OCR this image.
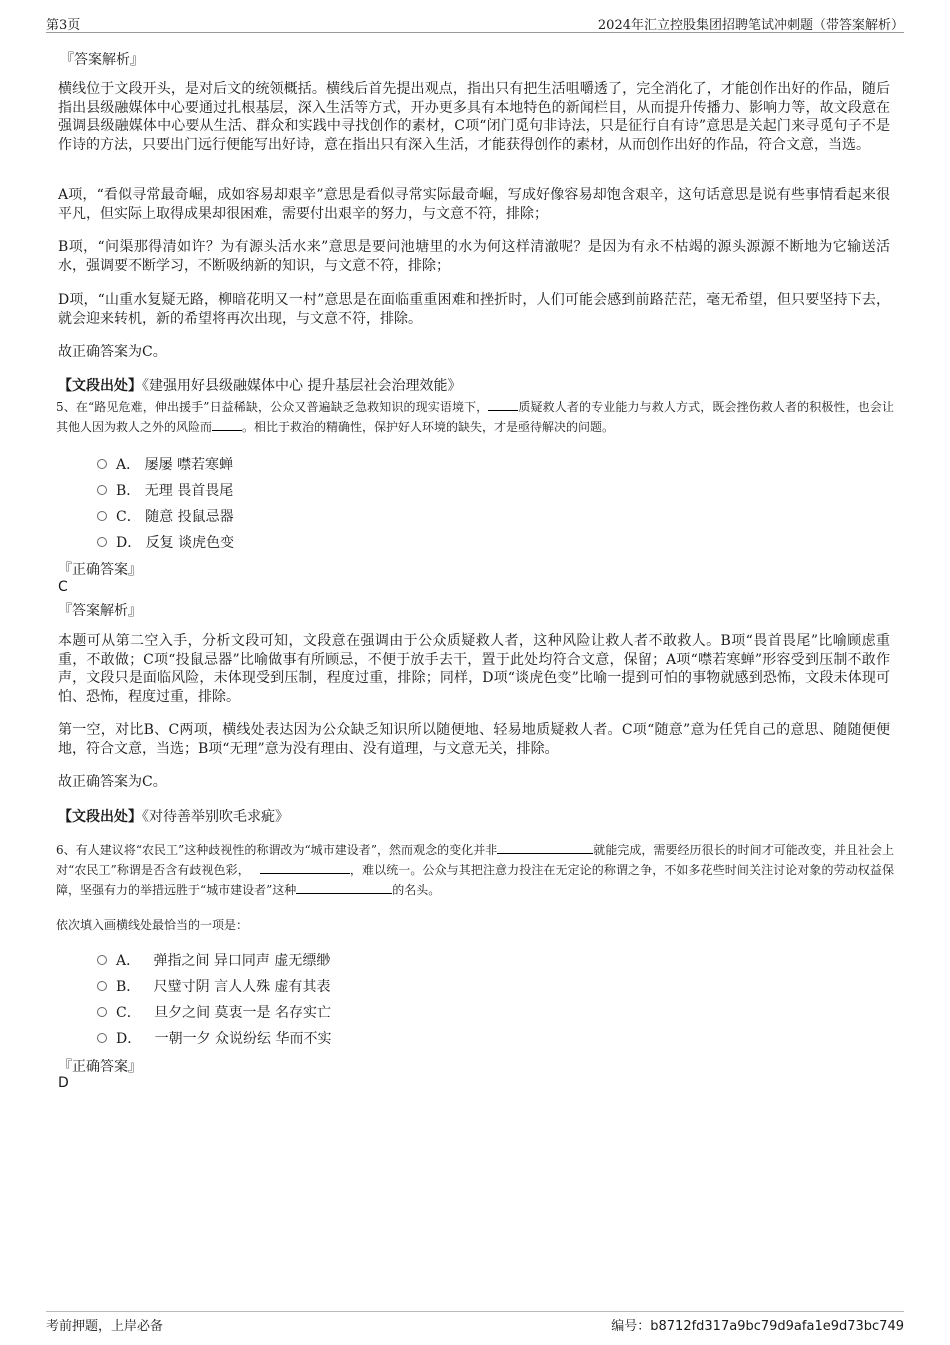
第3页	2024年汇立控股集团招聘笔试冲刺题（带答案解析）
『答案解析』
横线位于文段开头，是对后文的统领概括。横线后首先提出观点，指出只有把生活咀嚼透了，完全消化了，才能创作出好的作品，随后指出县级融媒体中心要通过扎根基层，深入生活等方式，开办更多具有本地特色的新闻栏目，从而提升传播力、影响力等，故文段意在强调县级融媒体中心要从生活、群众和实践中寻找创作的素材，C项“闭门觅句非诗法，只是征行自有诗”意思是关起门来寻觅句子不是作诗的方法，只要出门远行便能写出好诗，意在指出只有深入生活，才能获得创作的素材，从而创作出好的作品，符合文意，当选。
A项，“看似寻常最奇崛，成如容易却艰辛”意思是看似寻常实际最奇崛，写成好像容易却饱含艰辛，这句话意思是说有些事情看起来很平凡，但实际上取得成果却很困难，需要付出艰辛的努力，与文意不符，排除；
B项，“问渠那得清如许？为有源头活水来”意思是要问池塘里的水为何这样清澈呢？是因为有永不枯竭的源头源源不断地为它输送活水，强调要不断学习，不断吸纳新的知识，与文意不符，排除；
D项，“山重水复疑无路，柳暗花明又一村”意思是在面临重重困难和挫折时，人们可能会感到前路茫茫，毫无希望，但只要坚持下去，就会迎来转机，新的希望将再次出现，与文意不符，排除。
故正确答案为C。
【文段出处】《建强用好县级融媒体中心 提升基层社会治理效能》
5、在“路见危难，伸出援手”日益稀缺，公众又普遍缺乏急救知识的现实语境下，	质疑救人者的专业能力与救人方式，既会挫伤救人者的积极性，也会让其他人因为救人之外的风险而	。相比于救治的精确性，保护好人环境的缺失，才是亟待解决的问题。
A． 屡屡 噤若寒蝉
B． 无理 畏首畏尾
C． 随意 投鼠忌器
D． 反复 谈虎色变
『正确答案』
C
『答案解析』
本题可从第二空入手，分析文段可知，文段意在强调由于公众质疑救人者，这种风险让救人者不敢救人。B项“畏首畏尾”比喻顾虑重重，不敢做；C项“投鼠忌器”比喻做事有所顾忌，不便于放手去干，置于此处均符合文意，保留；A项“噤若寒蝉”形容受到压制不敢作声，文段只是面临风险，未体现受到压制，程度过重，排除；同样，D项“谈虎色变”比喻一提到可怕的事物就感到恐怖，文段未体现可怕、恐怖，程度过重，排除。
第一空，对比B、C两项，横线处表达因为公众缺乏知识所以随便地、轻易地质疑救人者。C项“随意”意为任凭自己的意思、随随便便地，符合文意，当选；B项“无理”意为没有理由、没有道理，与文意无关，排除。
故正确答案为C。
【文段出处】《对待善举别吹毛求疵》
6、有人建议将“农民工”这种歧视性的称谓改为“城市建设者”，然而观念的变化并非	就能完成，需要经历很长的时间才可能改变，并且社会上对“农民工”称谓是否含有歧视色彩，	，难以统一。公众与其把注意力投注在无定论的称谓之争，不如多花些时间关注讨论对象的劳动权益保障，坚强有力的举措远胜于“城市建设者”这种	的名头。
依次填入画横线处最恰当的一项是：
A． 弹指之间 异口同声 虚无缥缈
B． 尺璧寸阴 言人人殊 虚有其表
C． 旦夕之间 莫衷一是 名存实亡
D． 一朝一夕 众说纷纭 华而不实
『正确答案』
D
考前押题，上岸必备	编号：b8712fd317a9bc79d9afa1e9d73bc749
